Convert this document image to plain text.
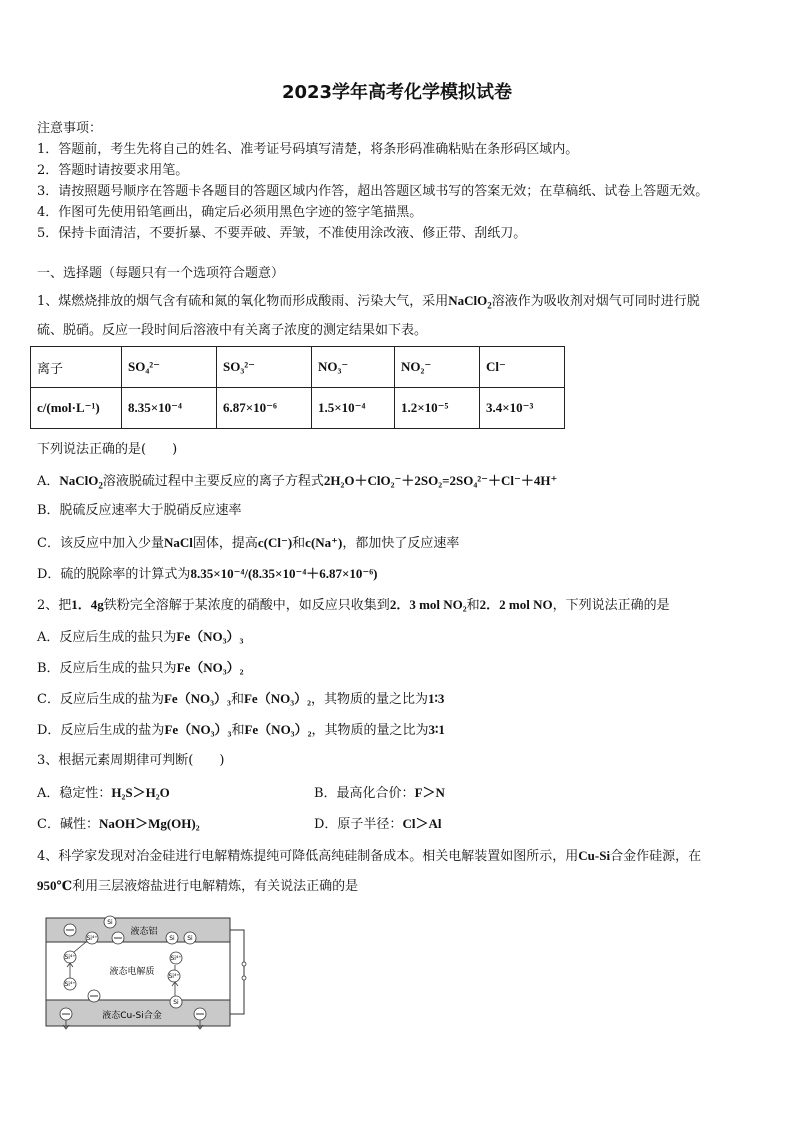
2023学年高考化学模拟试卷
注意事项：
1．答题前，考生先将自己的姓名、准考证号码填写清楚，将条形码准确粘贴在条形码区域内。
2．答题时请按要求用笔。
3．请按照题号顺序在答题卡各题目的答题区域内作答，超出答题区域书写的答案无效；在草稿纸、试卷上答题无效。
4．作图可先使用铅笔画出，确定后必须用黑色字迹的签字笔描黑。
5．保持卡面清洁，不要折暴、不要弄破、弄皱，不准使用涂改液、修正带、刮纸刀。
一、选择题（每题只有一个选项符合题意）
1、煤燃烧排放的烟气含有硫和氮的氧化物而形成酸雨、污染大气，采用NaClO$_2$溶液作为吸收剂对烟气可同时进行脱
硫、脱硝。反应一段时间后溶液中有关离子浓度的测定结果如下表。
离子	SO₄²⁻	SO₃²⁻	NO₃⁻	NO₂⁻	Cl⁻
c/(mol·L⁻¹)	8.35×10⁻⁴	6.87×10⁻⁶	1.5×10⁻⁴	1.2×10⁻⁵	3.4×10⁻³
下列说法正确的是(　　)
A．NaClO$_2$溶液脱硫过程中主要反应的离子方程式2H₂O＋ClO₂⁻＋2SO₂=2SO₄²⁻＋Cl⁻＋4H⁺
B．脱硫反应速率大于脱硝反应速率
C．该反应中加入少量NaCl固体，提高c(Cl⁻)和c(Na⁺)，都加快了反应速率
D．硫的脱除率的计算式为8.35×10⁻⁴/(8.35×10⁻⁴＋6.87×10⁻⁶)
2、把1．4g铁粉完全溶解于某浓度的硝酸中，如反应只收集到2．3 mol NO₂和2．2 mol NO，下列说法正确的是
A．反应后生成的盐只为Fe（NO₃）₃
B．反应后生成的盐只为Fe（NO₃）₂
C．反应后生成的盐为Fe（NO₃）₃和Fe（NO₃）₂，其物质的量之比为1∶3
D．反应后生成的盐为Fe（NO₃）₃和Fe（NO₃）₂，其物质的量之比为3∶1
3、根据元素周期律可判断(　　)
A．稳定性：H₂S＞H₂O	B．最高化合价：F＞N
C．碱性：NaOH＞Mg(OH)₂	D．原子半径：Cl＞Al
4、科学家发现对冶金硅进行电解精炼提纯可降低高纯硅制备成本。相关电解装置如图所示，用Cu-Si合金作硅源，在
950℃利用三层液熔盐进行电解精炼，有关说法正确的是
液态铝
液态电解质
液态Cu-Si合金
Si
Si⁴⁺	Si Si
Si⁴⁺	Si⁴⁺
Si⁴⁺
Si⁴⁺
Si
